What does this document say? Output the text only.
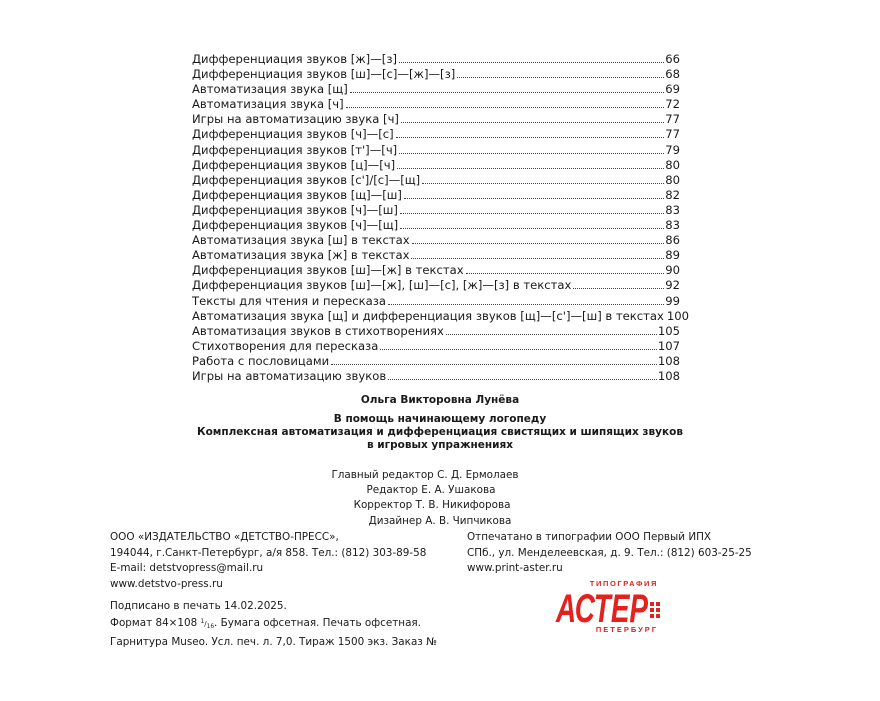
Дифференциация звуков [ж]—[з]	66
Дифференциация звуков [ш]—[с]—[ж]—[з]	68
Автоматизация звука [щ]	69
Автоматизация звука [ч]	72
Игры на автоматизацию звука [ч]	77
Дифференциация звуков [ч]—[с]	77
Дифференциация звуков [т']—[ч]	79
Дифференциация звуков [ц]—[ч]	80
Дифференциация звуков [с']/[с]—[щ]	80
Дифференциация звуков [щ]—[ш]	82
Дифференциация звуков [ч]—[ш]	83
Дифференциация звуков [ч]—[щ]	83
Автоматизация звука [ш] в текстах	86
Автоматизация звука [ж] в текстах	89
Дифференциация звуков [ш]—[ж] в текстах	90
Дифференциация звуков [ш]—[ж], [ш]—[с], [ж]—[з] в текстах	92
Тексты для чтения и пересказа	99
Автоматизация звука [щ] и дифференциация звуков [щ]—[с']—[ш] в текстах 100
Автоматизация звуков в стихотворениях	105
Стихотворения для пересказа	107
Работа с пословицами	108
Игры на автоматизацию звуков	108
Ольга Викторовна Лунёва
В помощь начинающему логопеду
Комплексная автоматизация и дифференциация свистящих и шипящих звуков
в игровых упражнениях
Главный редактор С. Д. Ермолаев
Редактор Е. А. Ушакова
Корректор Т. В. Никифорова
Дизайнер А. В. Чипчикова
ООО «ИЗДАТЕЛЬСТВО «ДЕТСТВО-ПРЕСС»,
194044, г.Санкт-Петербург, а/я 858. Тел.: (812) 303-89-58
E-mail: detstvopress@mail.ru
www.detstvo-press.ru
Отпечатано в типографии ООО Первый ИПХ
СПб., ул. Менделеевская, д. 9. Тел.: (812) 603-25-25
www.print-aster.ru
Подписано в печать 14.02.2025.
Формат 84×108 $^1/_{16}$. Бумага офсетная. Печать офсетная.
Гарнитура Museo. Усл. печ. л. 7,0. Тираж 1500 экз. Заказ №
ТИПОГРАФИЯ
АСТЕР
ПЕТЕРБУРГ
